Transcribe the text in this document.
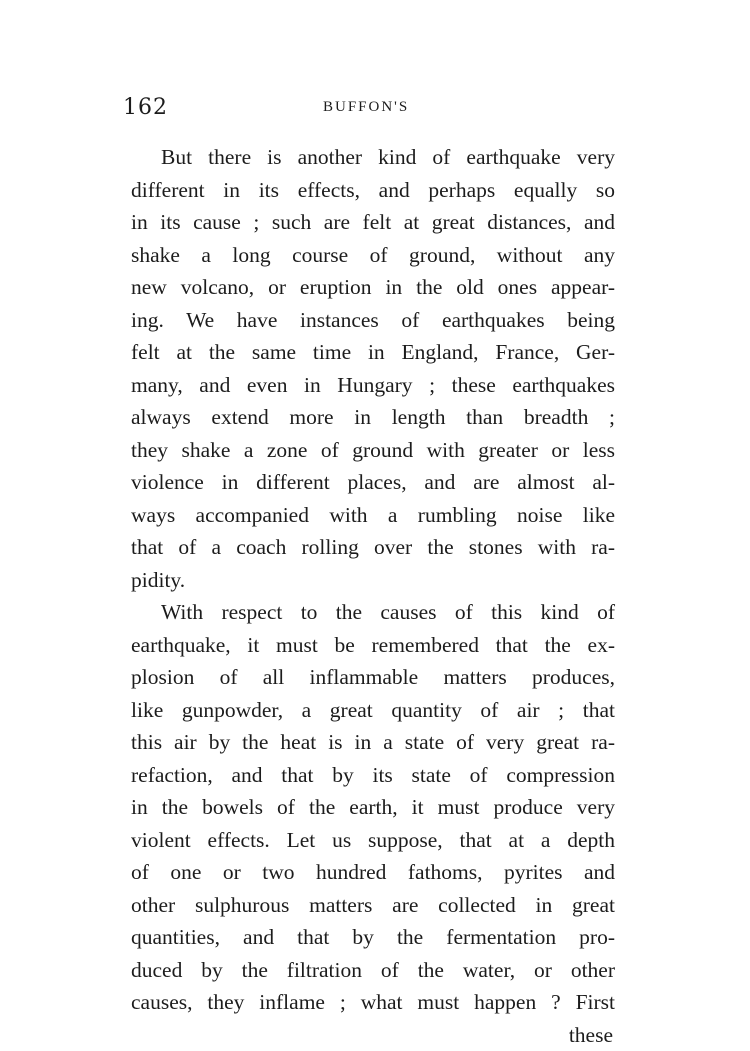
162	BUFFON'S
But there is another kind of earthquake very
different in its effects, and perhaps equally so
in its cause ; such are felt at great distances, and
shake a long course of ground, without any
new volcano, or eruption in the old ones appear-
ing. We have instances of earthquakes being
felt at the same time in England, France, Ger-
many, and even in Hungary ; these earthquakes
always extend more in length than breadth ;
they shake a zone of ground with greater or less
violence in different places, and are almost al-
ways accompanied with a rumbling noise like
that of a coach rolling over the stones with ra-
pidity.
With respect to the causes of this kind of
earthquake, it must be remembered that the ex-
plosion of all inflammable matters produces,
like gunpowder, a great quantity of air ; that
this air by the heat is in a state of very great ra-
refaction, and that by its state of compression
in the bowels of the earth, it must produce very
violent effects. Let us suppose, that at a depth
of one or two hundred fathoms, pyrites and
other sulphurous matters are collected in great
quantities, and that by the fermentation pro-
duced by the filtration of the water, or other
causes, they inflame ; what must happen ? First
these
